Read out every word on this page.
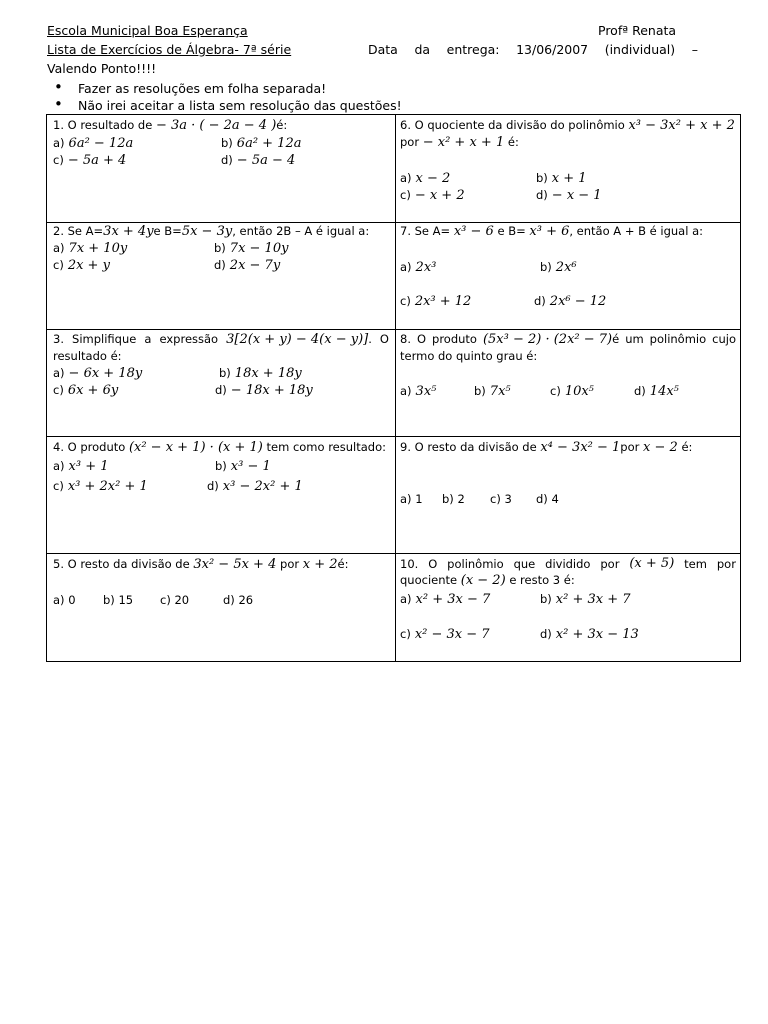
Escola Municipal Boa Esperança	Profª Renata
Lista de Exercícios de Álgebra- 7ª série	Data da entrega: 13/06/2007 (individual) –
Valendo Ponto!!!!
• Fazer as resoluções em folha separada!
• Não irei aceitar a lista sem resolução das questões!
1. O resultado de − 3a · ( − 2a − 4 )é:
a) 6a² − 12a	b) 6a² + 12a
c) − 5a + 4	d) − 5a − 4
6. O quociente da divisão do polinômio x³ − 3x² + x + 2
por − x² + x + 1 é:
a) x − 2	b) x + 1
c) − x + 2	d) − x − 1
2. Se A=3x + 4ye B=5x − 3y, então 2B – A é igual a:
a) 7x + 10y	b) 7x − 10y
c) 2x + y	d) 2x − 7y
7. Se A= x³ − 6 e B= x³ + 6, então A + B é igual a:
a) 2x³	b) 2x⁶
c) 2x³ + 12	d) 2x⁶ − 12
3. Simplifique a expressão 3[2(x + y) − 4(x − y)]. O
resultado é:
a) − 6x + 18y	b) 18x + 18y
c) 6x + 6y	d) − 18x + 18y
8. O produto (5x³ − 2) · (2x² − 7)é um polinômio cujo
termo do quinto grau é:
a) 3x⁵	b) 7x⁵	c) 10x⁵	d) 14x⁵
4. O produto (x² − x + 1) · (x + 1) tem como resultado:
a) x³ + 1	b) x³ − 1
c) x³ + 2x² + 1	d) x³ − 2x² + 1
9. O resto da divisão de x⁴ − 3x² − 1por x − 2 é:
a) 1 b) 2 c) 3 d) 4
5. O resto da divisão de 3x² − 5x + 4 por x + 2é:
a) 0 b) 15 c) 20	d) 26
10. O polinômio que dividido por (x + 5) tem por
quociente (x − 2) e resto 3 é:
a) x² + 3x − 7	b) x² + 3x + 7
c) x² − 3x − 7	d) x² + 3x − 13
